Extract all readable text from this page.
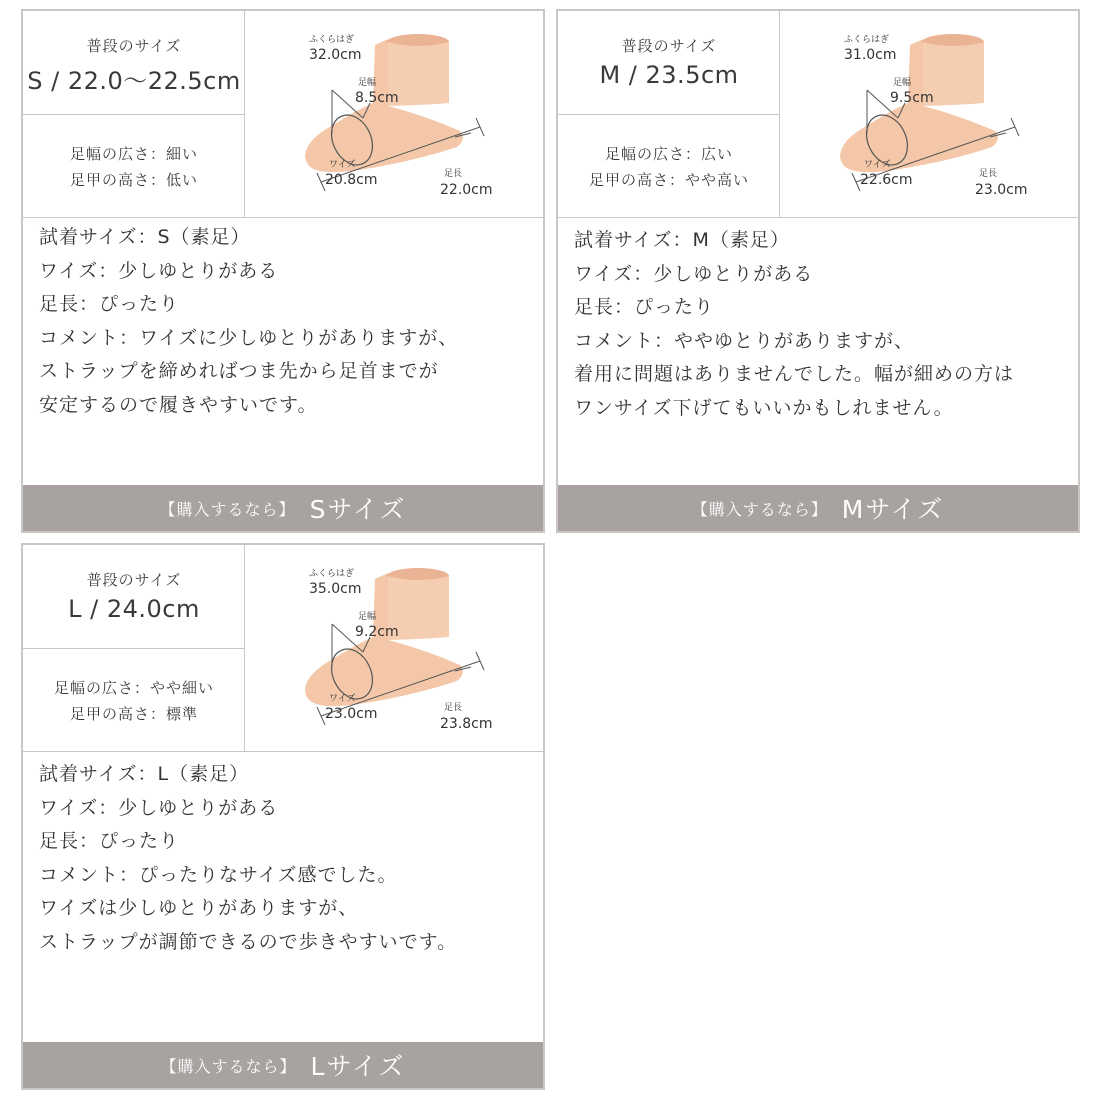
普段のサイズ
S / 22.0〜22.5cm
足幅の広さ：細い
足甲の高さ：低い
ふくらはぎ
32.0cm
足幅
8.5cm
ワイズ
20.8cm	足長
22.0cm
試着サイズ：S（素足）
ワイズ：少しゆとりがある
足長：ぴったり
コメント：ワイズに少しゆとりがありますが、
ストラップを締めればつま先から足首までが
安定するので履きやすいです。
【購入するなら】 Sサイズ
普段のサイズ
M / 23.5cm
足幅の広さ：広い
足甲の高さ：やや高い
ふくらはぎ
31.0cm
足幅
9.5cm
ワイズ
22.6cm	足長
23.0cm
試着サイズ：M（素足）
ワイズ：少しゆとりがある
足長：ぴったり
コメント：ややゆとりがありますが、
着用に問題はありませんでした。幅が細めの方は
ワンサイズ下げてもいいかもしれません。
【購入するなら】 Mサイズ
普段のサイズ
L / 24.0cm
足幅の広さ：やや細い
足甲の高さ：標準
ふくらはぎ
35.0cm
足幅
9.2cm
ワイズ
23.0cm	足長
23.8cm
試着サイズ：L（素足）
ワイズ：少しゆとりがある
足長：ぴったり
コメント：ぴったりなサイズ感でした。
ワイズは少しゆとりがありますが、
ストラップが調節できるので歩きやすいです。
【購入するなら】 Lサイズ
